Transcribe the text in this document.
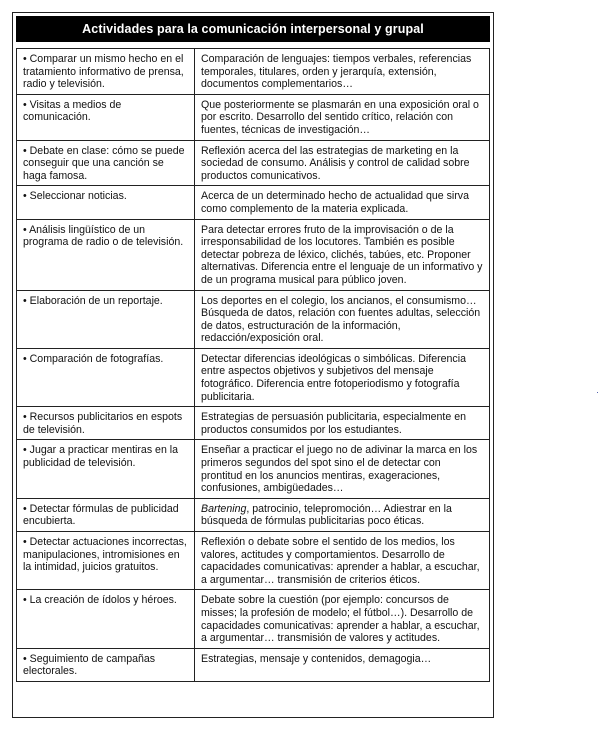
Actividades para la comunicación interpersonal y grupal
• Comparar un mismo hecho en el tratamiento informativo de prensa, radio y televisión.	Comparación de lenguajes: tiempos verbales, referencias temporales, titulares, orden y jerarquía, extensión, documentos complementarios…
• Visitas a medios de comunicación.	Que posteriormente se plasmarán en una exposición oral o por escrito. Desarrollo del sentido crítico, relación con fuentes, técnicas de investigación…
• Debate en clase: cómo se puede conseguir que una canción se haga famosa.	Reflexión acerca del las estrategias de marketing en la sociedad de consumo. Análisis y control de calidad sobre productos comunicativos.
• Seleccionar noticias.	Acerca de un determinado hecho de actualidad que sirva como complemento de la materia explicada.
• Análisis lingüístico de un programa de radio o de televisión.	Para detectar errores fruto de la improvisación o de la irresponsabilidad de los locutores. También es posible detectar pobreza de léxico, clichés, tabúes, etc. Proponer alternativas. Diferencia entre el lenguaje de un informativo y de un programa musical para público joven.
• Elaboración de un reportaje.	Los deportes en el colegio, los ancianos, el consumismo… Búsqueda de datos, relación con fuentes adultas, selección de datos, estructuración de la información, redacción/exposición oral.
• Comparación de fotografías.	Detectar diferencias ideológicas o simbólicas. Diferencia entre aspectos objetivos y subjetivos del mensaje fotográfico. Diferencia entre fotoperiodismo y fotografía publicitaria.
• Recursos publicitarios en espots de televisión.	Estrategias de persuasión publicitaria, especialmente en productos consumidos por los estudiantes.
• Jugar a practicar mentiras en la publicidad de televisión.	Enseñar a practicar el juego no de adivinar la marca en los primeros segundos del spot sino el de detectar con prontitud en los anuncios mentiras, exageraciones, confusiones, ambigüedades…
• Detectar fórmulas de publicidad encubierta.	Bartening, patrocinio, telepromoción… Adiestrar en la búsqueda de fórmulas publicitarias poco éticas.
• Detectar actuaciones incorrectas, manipulaciones, intromisiones en la intimidad, juicios gratuitos.	Reflexión o debate sobre el sentido de los medios, los valores, actitudes y comportamientos. Desarrollo de capacidades comunicativas: aprender a hablar, a escuchar, a argumentar… transmisión de criterios éticos.
• La creación de ídolos y héroes.	Debate sobre la cuestión (por ejemplo: concursos de misses; la profesión de modelo; el fútbol…). Desarrollo de capacidades comunicativas: aprender a hablar, a escuchar, a argumentar… transmisión de valores y actitudes.
• Seguimiento de campañas electorales.	Estrategias, mensaje y contenidos, demagogia…
·
